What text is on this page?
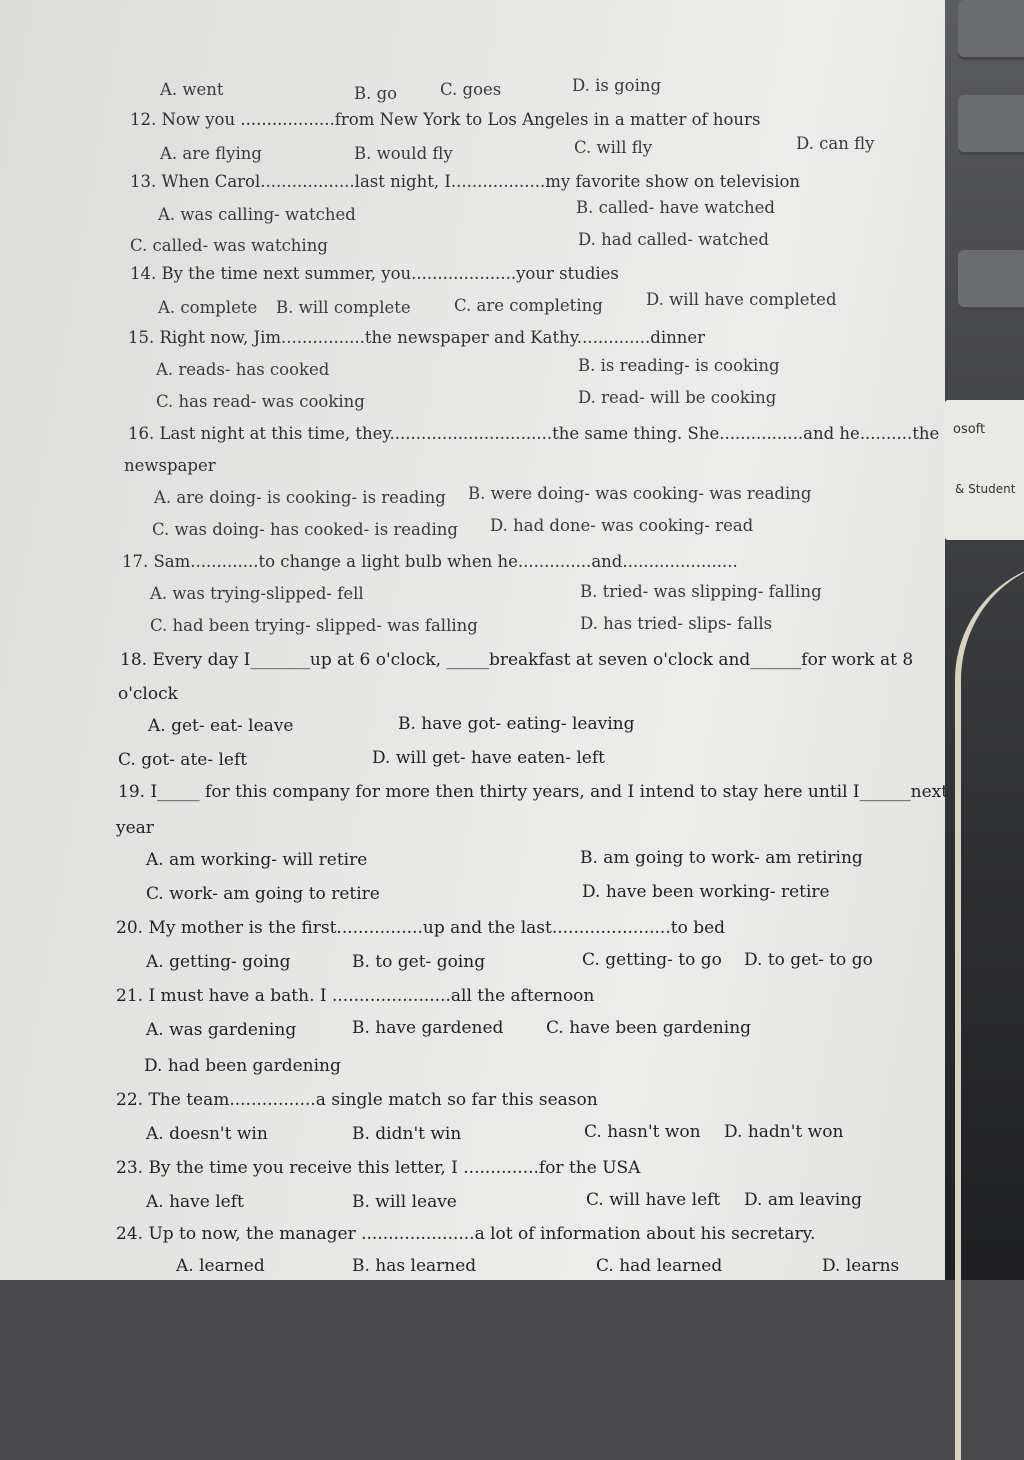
osoft
& Student
A. went	B. go	C. goes	D. is going
12. Now you ..................from New York to Los Angeles in a matter of hours
A. are flying	B. would fly	C. will fly	D. can fly
13. When Carol..................last night, I..................my favorite show on television
A. was calling- watched	B. called- have watched
C. called- was watching	D. had called- watched
14. By the time next summer, you....................your studies
A. complete B. will complete	C. are completing	D. will have completed
15. Right now, Jim................the newspaper and Kathy..............dinner
A. reads- has cooked	B. is reading- is cooking
C. has read- was cooking	D. read- will be cooking
16. Last night at this time, they...............................the same thing. She................and he..........the
newspaper
A. are doing- is cooking- is reading B. were doing- was cooking- was reading
C. was doing- has cooked- is reading D. had done- was cooking- read
17. Sam.............to change a light bulb when he..............and......................
A. was trying-slipped- fell	B. tried- was slipping- falling
C. had been trying- slipped- was falling	D. has tried- slips- falls
18. Every day I_______up at 6 o'clock, _____breakfast at seven o'clock and______for work at 8
o'clock
A. get- eat- leave	B. have got- eating- leaving
C. got- ate- left	D. will get- have eaten- left
19. I_____ for this company for more then thirty years, and I intend to stay here until I______next
year
A. am working- will retire	B. am going to work- am retiring
C. work- am going to retire	D. have been working- retire
20. My mother is the first................up and the last......................to bed
A. getting- going	B. to get- going	C. getting- to go D. to get- to go
21. I must have a bath. I ......................all the afternoon
A. was gardening	B. have gardened	C. have been gardening
D. had been gardening
22. The team................a single match so far this season
A. doesn't win	B. didn't win	C. hasn't won D. hadn't won
23. By the time you receive this letter, I ..............for the USA
A. have left	B. will leave	C. will have left D. am leaving
24. Up to now, the manager .....................a lot of information about his secretary.
A. learned	B. has learned	C. had learned	D. learns
